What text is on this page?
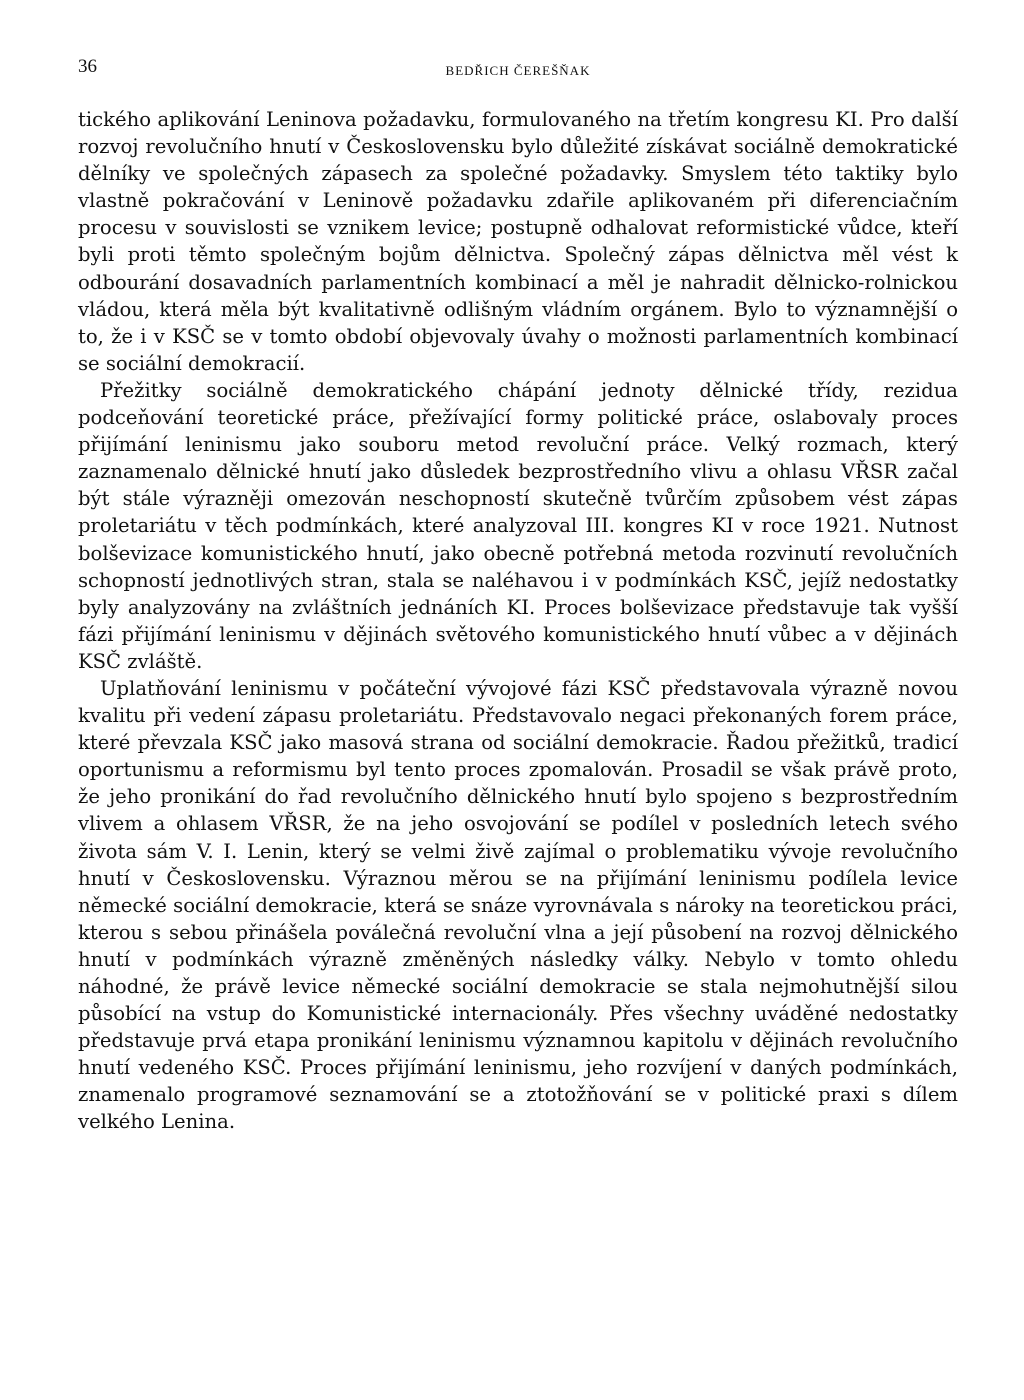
36	BEDŘICH ČEREŠŇAK

tického aplikování Leninova požadavku, formulovaného na třetím kongresu KI. Pro další rozvoj revolučního hnutí v Československu bylo důležité získávat sociálně demokratické dělníky ve společných zápasech za společné požadavky. Smyslem této taktiky bylo vlastně pokračování v Leninově požadavku zdařile aplikovaném při diferenciačním procesu v souvislosti se vznikem levice; postupně odhalovat reformistické vůdce, kteří byli proti těmto společným bojům dělnictva. Společný zápas dělnictva měl vést k odbourání dosavadních parlamentních kombinací a měl je nahradit dělnicko-rolnickou vládou, která měla být kvalitativně odlišným vládním orgánem. Bylo to významnější o to, že i v KSČ se v tomto období objevovaly úvahy o možnosti parlamentních kombinací se sociální demokracií.

Přežitky sociálně demokratického chápání jednoty dělnické třídy, rezidua podceňování teoretické práce, přežívající formy politické práce, oslabovaly proces přijímání leninismu jako souboru metod revoluční práce. Velký rozmach, který zaznamenalo dělnické hnutí jako důsledek bezprostředního vlivu a ohlasu VŘSR začal být stále výrazněji omezován neschopností skutečně tvůrčím způsobem vést zápas proletariátu v těch podmínkách, které analyzoval III. kongres KI v roce 1921. Nutnost bolševizace komunistického hnutí, jako obecně potřebná metoda rozvinutí revolučních schopností jednotlivých stran, stala se naléhavou i v podmínkách KSČ, jejíž nedostatky byly analyzovány na zvláštních jednáních KI. Proces bolševizace představuje tak vyšší fázi přijímání leninismu v dějinách světového komunistického hnutí vůbec a v dějinách KSČ zvláště.

Uplatňování leninismu v počáteční vývojové fázi KSČ představovala výrazně novou kvalitu při vedení zápasu proletariátu. Představovalo negaci překonaných forem práce, které převzala KSČ jako masová strana od sociální demokracie. Řadou přežitků, tradicí oportunismu a reformismu byl tento proces zpomalován. Prosadil se však právě proto, že jeho pronikání do řad revolučního dělnického hnutí bylo spojeno s bezprostředním vlivem a ohlasem VŘSR, že na jeho osvojování se podílel v posledních letech svého života sám V. I. Lenin, který se velmi živě zajímal o problematiku vývoje revolučního hnutí v Československu. Výraznou měrou se na přijímání leninismu podílela levice německé sociální demokracie, která se snáze vyrovnávala s nároky na teoretickou práci, kterou s sebou přinášela poválečná revoluční vlna a její působení na rozvoj dělnického hnutí v podmínkách výrazně změněných následky války. Nebylo v tomto ohledu náhodné, že právě levice německé sociální demokracie se stala nejmohutnější silou působící na vstup do Komunistické internacionály. Přes všechny uváděné nedostatky představuje prvá etapa pronikání leninismu významnou kapitolu v dějinách revolučního hnutí vedeného KSČ. Proces přijímání leninismu, jeho rozvíjení v daných podmínkách, znamenalo programové seznamování se a ztotožňování se v politické praxi s dílem velkého Lenina.
